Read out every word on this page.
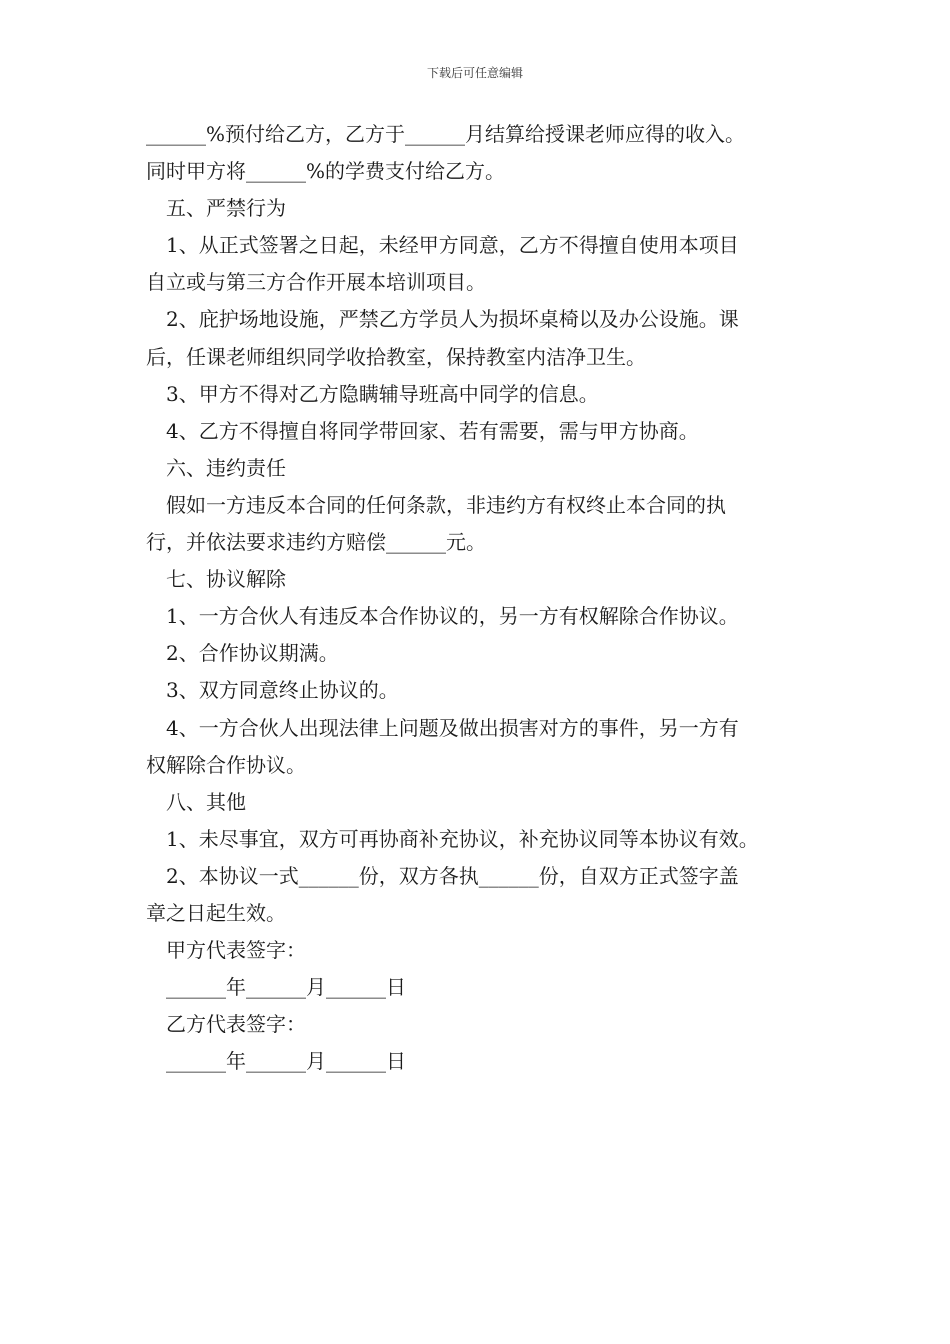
下载后可任意编辑
______%预付给乙方，乙方于______月结算给授课老师应得的收入。
同时甲方将______%的学费支付给乙方。
五、严禁行为
1、从正式签署之日起，未经甲方同意，乙方不得擅自使用本项目
自立或与第三方合作开展本培训项目。
2、庇护场地设施，严禁乙方学员人为损坏桌椅以及办公设施。课
后，任课老师组织同学收拾教室，保持教室内洁净卫生。
3、甲方不得对乙方隐瞒辅导班高中同学的信息。
4、乙方不得擅自将同学带回家、若有需要，需与甲方协商。
六、违约责任
假如一方违反本合同的任何条款，非违约方有权终止本合同的执
行，并依法要求违约方赔偿______元。
七、协议解除
1、一方合伙人有违反本合作协议的，另一方有权解除合作协议。
2、合作协议期满。
3、双方同意终止协议的。
4、一方合伙人出现法律上问题及做出损害对方的事件，另一方有
权解除合作协议。
八、其他
1、未尽事宜，双方可再协商补充协议，补充协议同等本协议有效。
2、本协议一式______份，双方各执______份，自双方正式签字盖
章之日起生效。
甲方代表签字：
______年______月______日
乙方代表签字：
______年______月______日
